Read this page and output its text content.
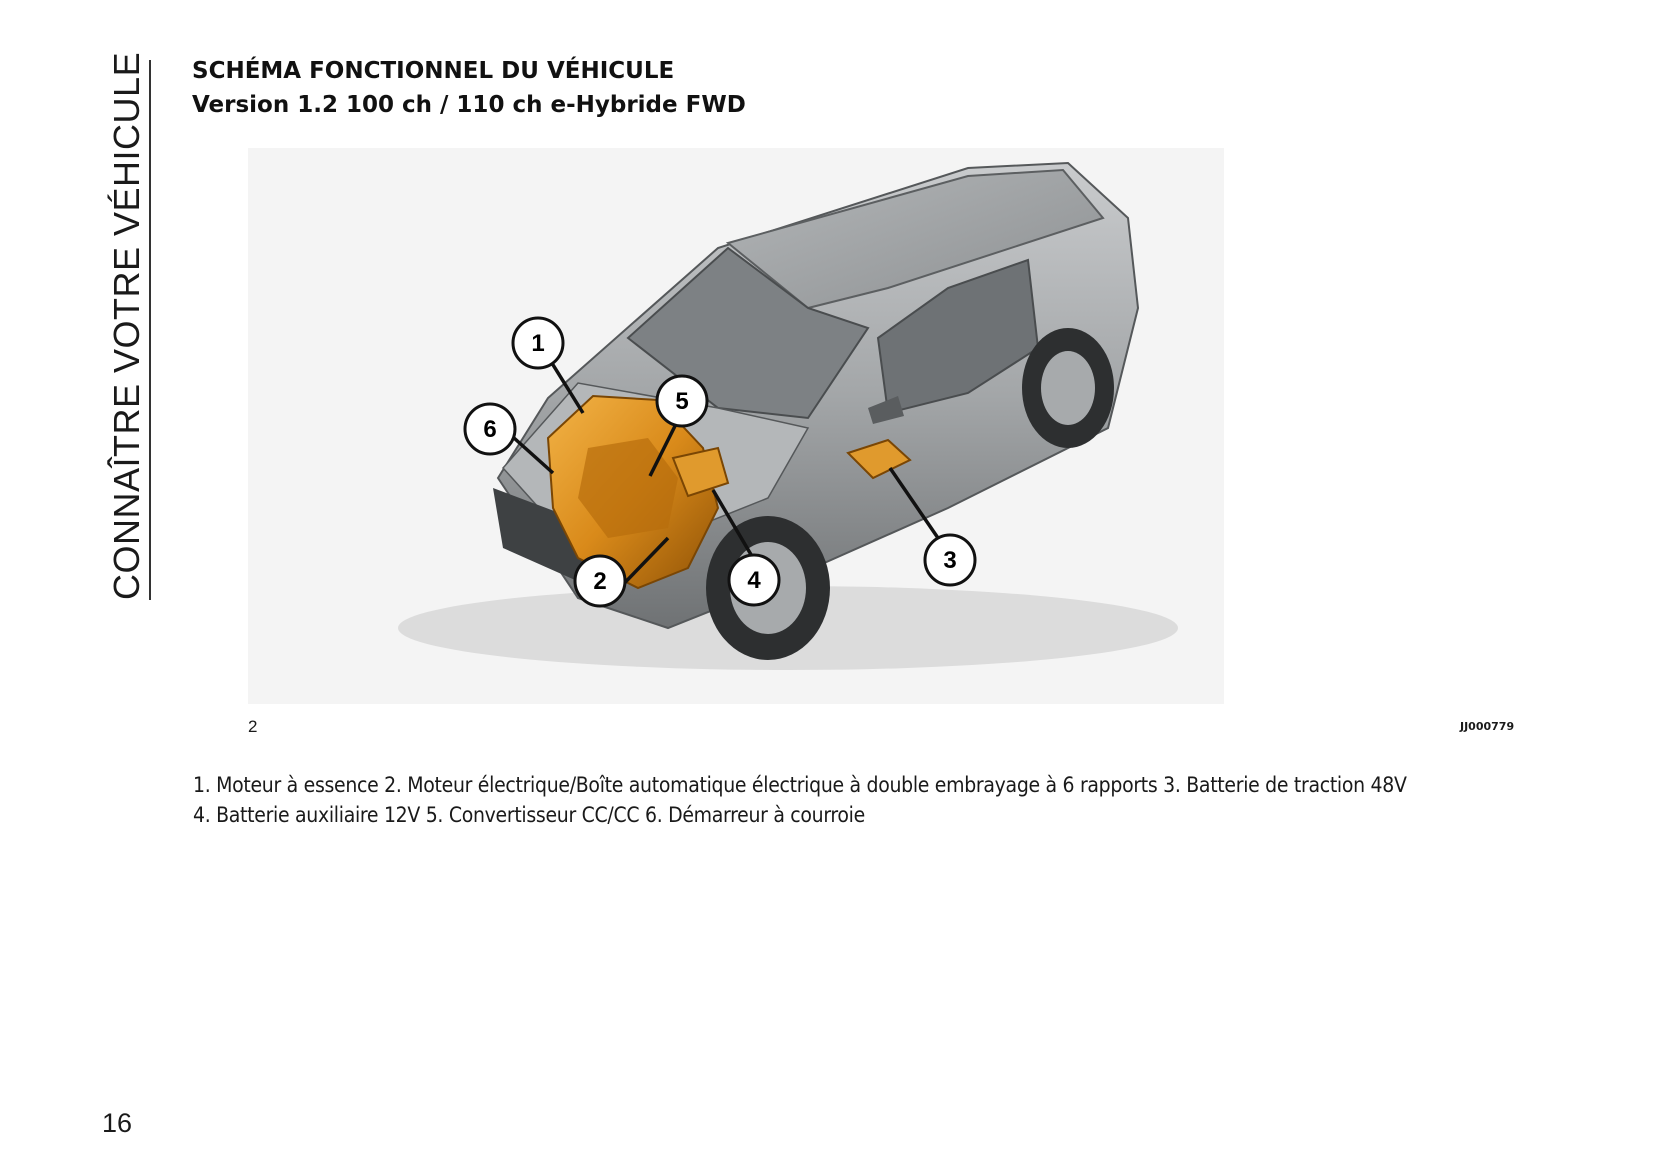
CONNAÎTRE VOTRE VÉHICULE SCHÉMA FONCTIONNEL DU VÉHICULE
Version 1.2 100 ch / 110 ch e-Hybride FWD
1
2
3
4
5
6
2	JJ000779

1. Moteur à essence 2. Moteur électrique/Boîte automatique électrique à double embrayage à 6 rapports 3. Batterie de traction 48V

4. Batterie auxiliaire 12V 5. Convertisseur CC/CC 6. Démarreur à courroie

16
